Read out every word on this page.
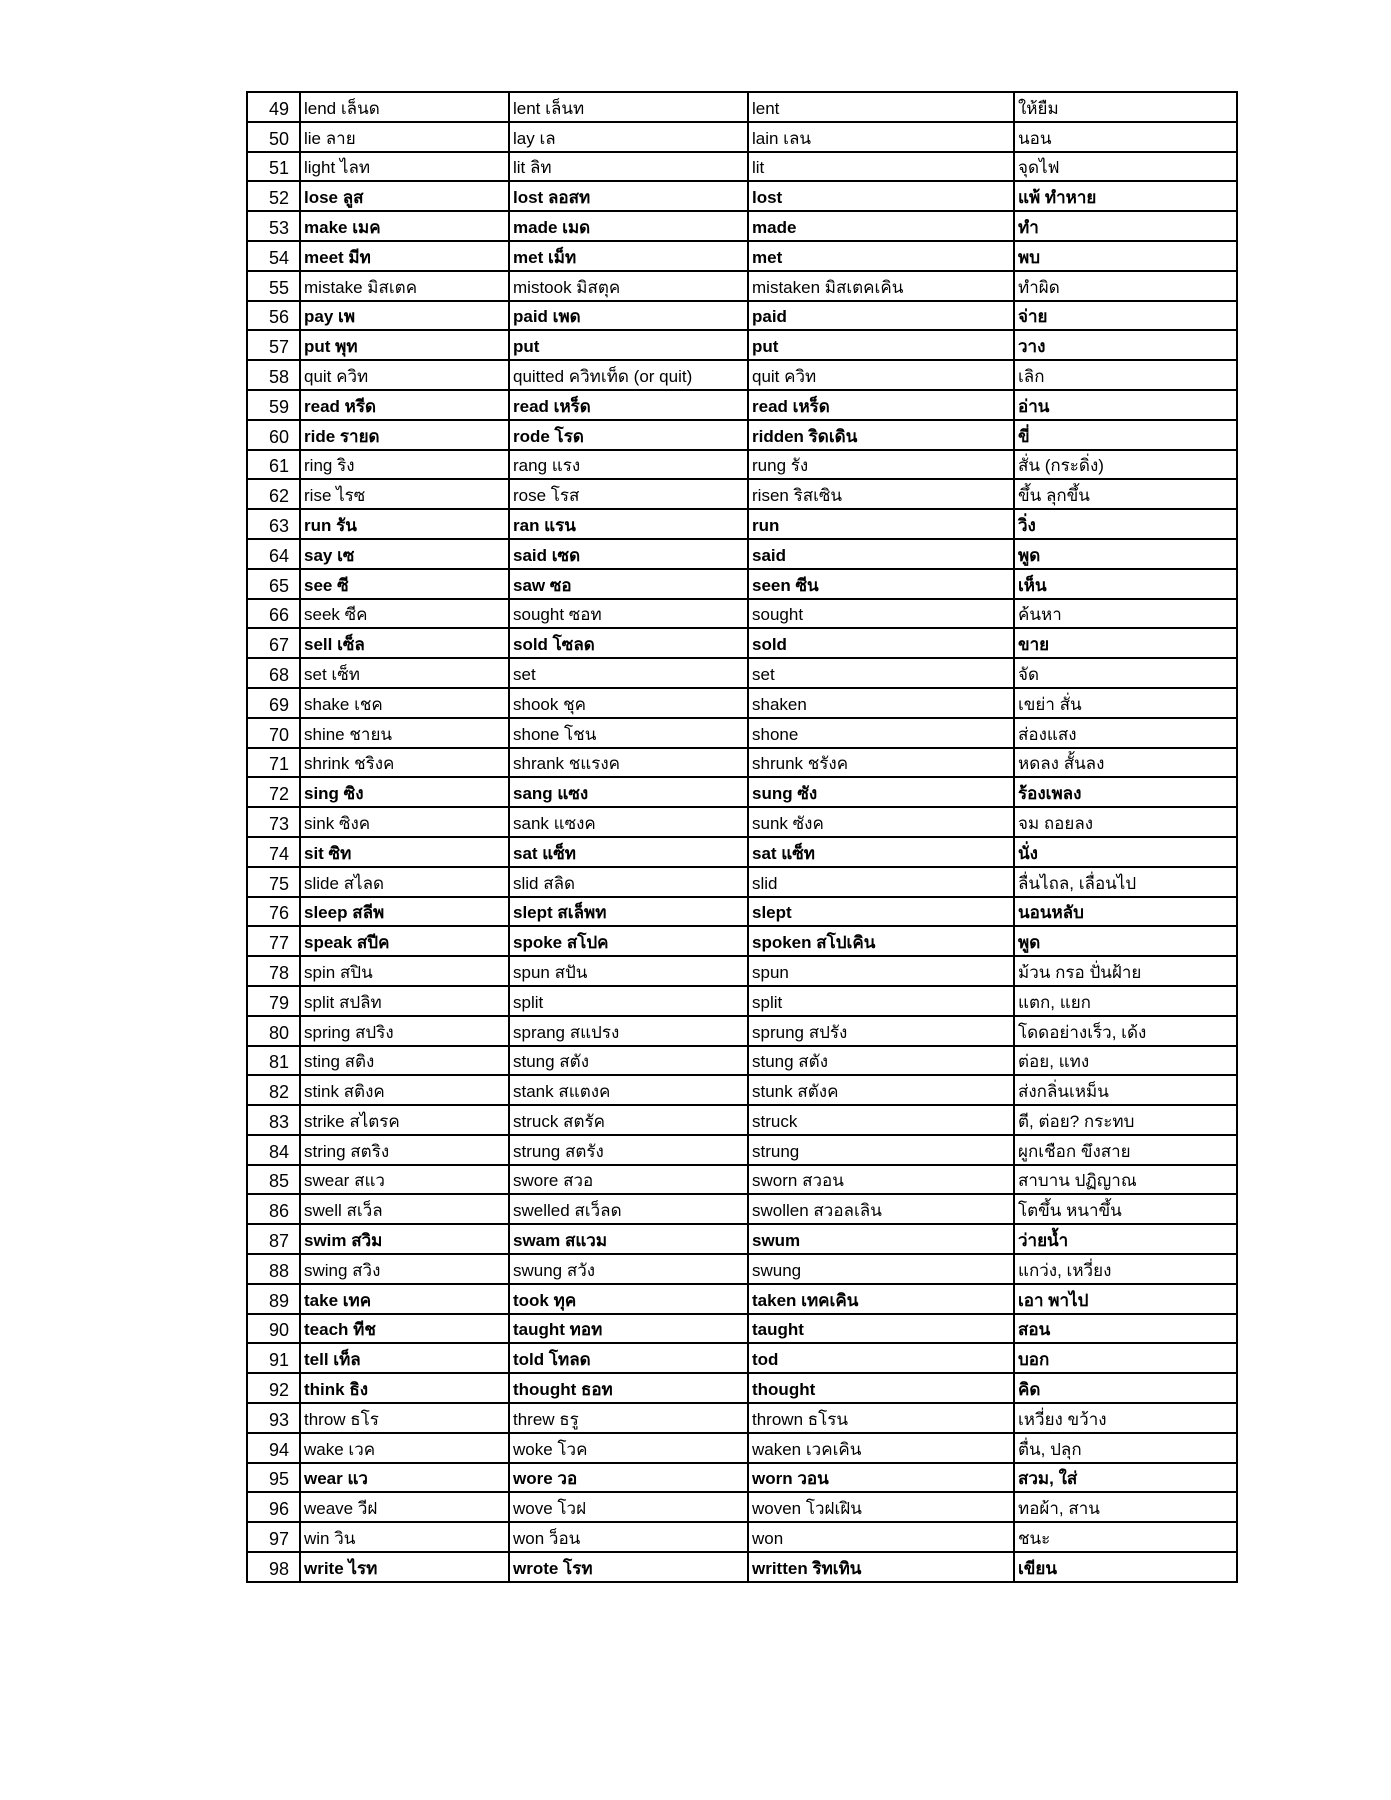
49	lend เล็นด	lent เล็นท	lent	ให้ยืม
50	lie ลาย	lay เล	lain เลน	นอน
51	light ไลท	lit ลิท	lit	จุดไฟ
52	lose ลูส	lost ลอสท	lost	แพ้ ทำหาย
53	make เมค	made เมด	made	ทำ
54	meet มีท	met เม็ท	met	พบ
55	mistake มิสเตค	mistook มิสตุค	mistaken มิสเตคเคิน	ทำผิด
56	pay เพ	paid เพด	paid	จ่าย
57	put พุท	put	put	วาง
58	quit ควิท	quitted ควิทเท็ด (or quit)	quit ควิท	เลิก
59	read หรีด	read เหร็ด	read เหร็ด	อ่าน
60	ride รายด	rode โรด	ridden ริดเดิน	ขี่
61	ring ริง	rang แรง	rung รัง	สั่น (กระดิ่ง)
62	rise ไรซ	rose โรส	risen ริสเซิน	ขึ้น ลุกขึ้น
63	run รัน	ran แรน	run	วิ่ง
64	say เซ	said เซด	said	พูด
65	see ซี	saw ซอ	seen ซีน	เห็น
66	seek ซีค	sought ซอท	sought	ค้นหา
67	sell เซ็ล	sold โซลด	sold	ขาย
68	set เซ็ท	set	set	จัด
69	shake เชค	shook ชุค	shaken	เขย่า สั่น
70	shine ชายน	shone โชน	shone	ส่องแสง
71	shrink ชริงค	shrank ชแรงค	shrunk ชรังค	หดลง สั้นลง
72	sing ซิง	sang แซง	sung ซัง	ร้องเพลง
73	sink ซิงค	sank แซงค	sunk ซังค	จม ถอยลง
74	sit ซิท	sat แซ็ท	sat แซ็ท	นั่ง
75	slide สไลด	slid สลิด	slid	ลื่นไถล, เลื่อนไป
76	sleep สลีพ	slept สเล็พท	slept	นอนหลับ
77	speak สปีค	spoke สโปค	spoken สโปเคิน	พูด
78	spin สปิน	spun สปัน	spun	ม้วน กรอ ปั่นฝ้าย
79	split สปลิท	split	split	แตก, แยก
80	spring สปริง	sprang สแปรง	sprung สปรัง	โดดอย่างเร็ว, เด้ง
81	sting สติง	stung สตัง	stung สตัง	ต่อย, แทง
82	stink สติงค	stank สแตงค	stunk สตังค	ส่งกลิ่นเหม็น
83	strike สไตรค	struck สตรัค	struck	ตี, ต่อย? กระทบ
84	string สตริง	strung สตรัง	strung	ผูกเชือก ขึงสาย
85	swear สแว	swore สวอ	sworn สวอน	สาบาน ปฏิญาณ
86	swell สเว็ล	swelled สเว็ลด	swollen สวอลเลิน	โตขึ้น หนาขึ้น
87	swim สวิม	swam สแวม	swum	ว่ายน้ำ
88	swing สวิง	swung สวัง	swung	แกว่ง, เหวี่ยง
89	take เทค	took ทุค	taken เทคเคิน	เอา พาไป
90	teach ทีช	taught ทอท	taught	สอน
91	tell เท็ล	told โทลด	tod	บอก
92	think ธิง	thought ธอท	thought	คิด
93	throw ธโร	threw ธรู	thrown ธโรน	เหวี่ยง ขว้าง
94	wake เวค	woke โวค	waken เวคเคิน	ตื่น, ปลุก
95	wear แว	wore วอ	worn วอน	สวม, ใส่
96	weave วีฝ	wove โวฝ	woven โวฝเฝิน	ทอผ้า, สาน
97	win วิน	won ว็อน	won	ชนะ
98	write ไรท	wrote โรท	written ริทเทิน	เขียน
